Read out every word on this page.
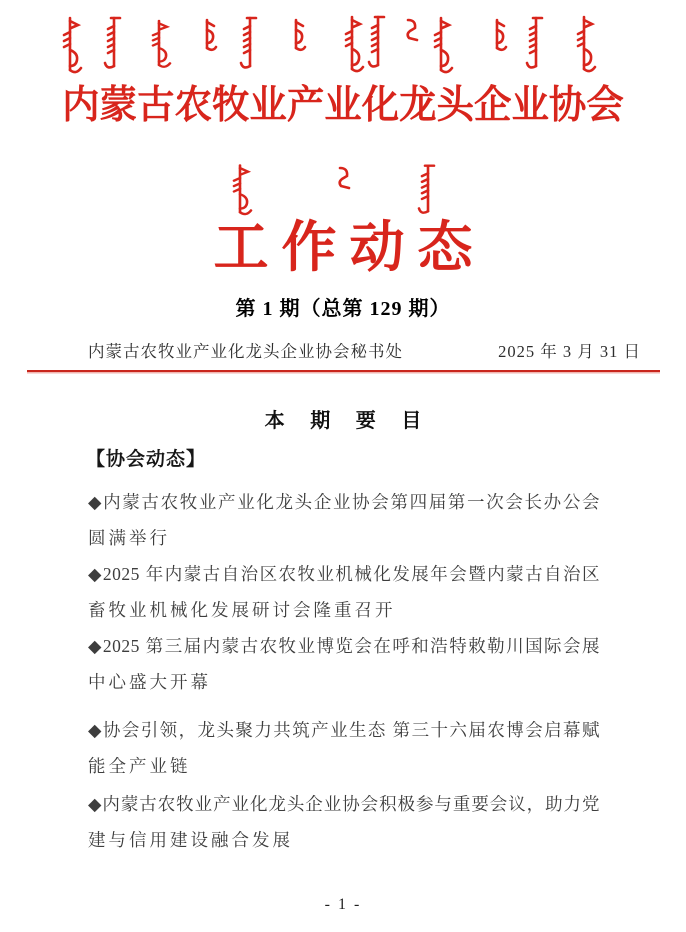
内蒙古农牧业产业化龙头企业协会
工作动态
第 1 期（总第 129 期）
内蒙古农牧业产业化龙头企业协会秘书处	2025 年 3 月 31 日
本 期 要 目
【协会动态】
◆内蒙古农牧业产业化龙头企业协会第四届第一次会长办公会
圆满举行
◆2025 年内蒙古自治区农牧业机械化发展年会暨内蒙古自治区
畜牧业机械化发展研讨会隆重召开
◆2025 第三届内蒙古农牧业博览会在呼和浩特敕勒川国际会展
中心盛大开幕
◆协会引领，龙头聚力共筑产业生态 第三十六届农博会启幕赋
能全产业链
◆内蒙古农牧业产业化龙头企业协会积极参与重要会议，助力党
建与信用建设融合发展
- 1 -
